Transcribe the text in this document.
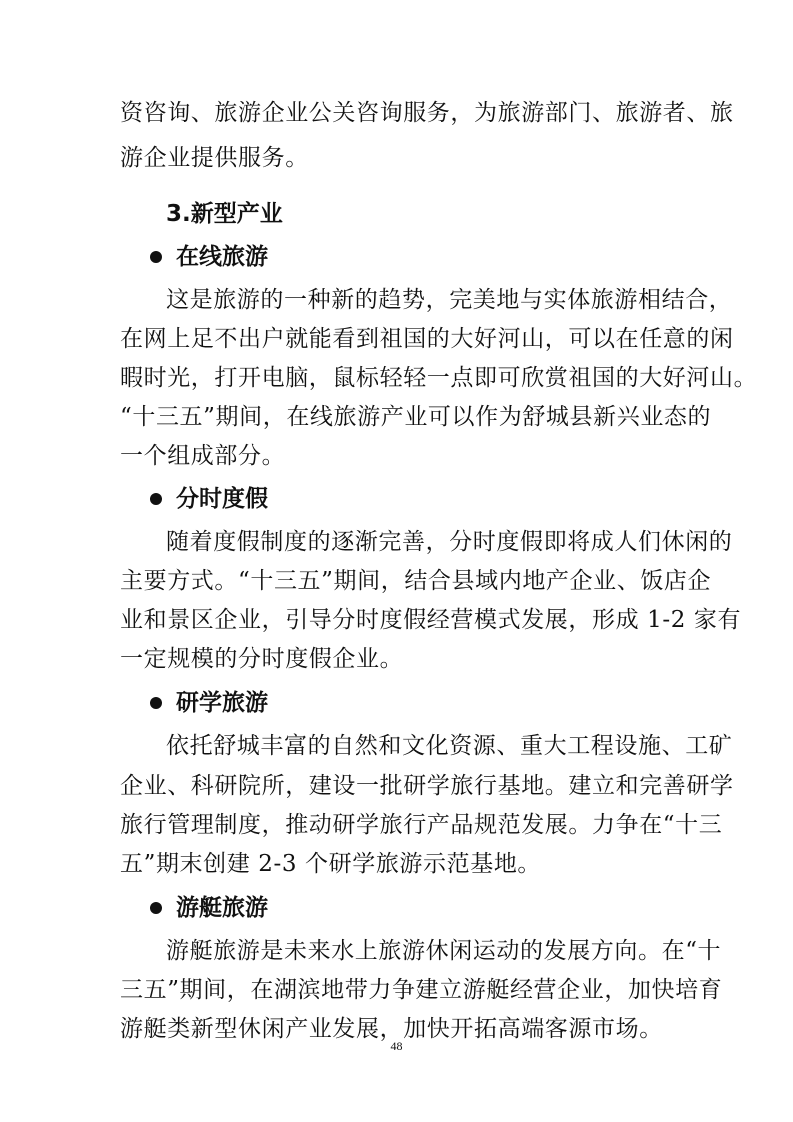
资咨询、旅游企业公关咨询服务，为旅游部门、旅游者、旅
游企业提供服务。
3.新型产业
在线旅游
这是旅游的一种新的趋势，完美地与实体旅游相结合，
在网上足不出户就能看到祖国的大好河山，可以在任意的闲
暇时光，打开电脑，鼠标轻轻一点即可欣赏祖国的大好河山。
“十三五”期间，在线旅游产业可以作为舒城县新兴业态的
一个组成部分。
分时度假
随着度假制度的逐渐完善，分时度假即将成人们休闲的
主要方式。“十三五”期间，结合县域内地产企业、饭店企
业和景区企业，引导分时度假经营模式发展，形成 1-2 家有
一定规模的分时度假企业。
研学旅游
依托舒城丰富的自然和文化资源、重大工程设施、工矿
企业、科研院所，建设一批研学旅行基地。建立和完善研学
旅行管理制度，推动研学旅行产品规范发展。力争在“十三
五”期末创建 2-3 个研学旅游示范基地。
游艇旅游
游艇旅游是未来水上旅游休闲运动的发展方向。在“十
三五”期间，在湖滨地带力争建立游艇经营企业，加快培育
游艇类新型休闲产业发展，加快开拓高端客源市场。
48
